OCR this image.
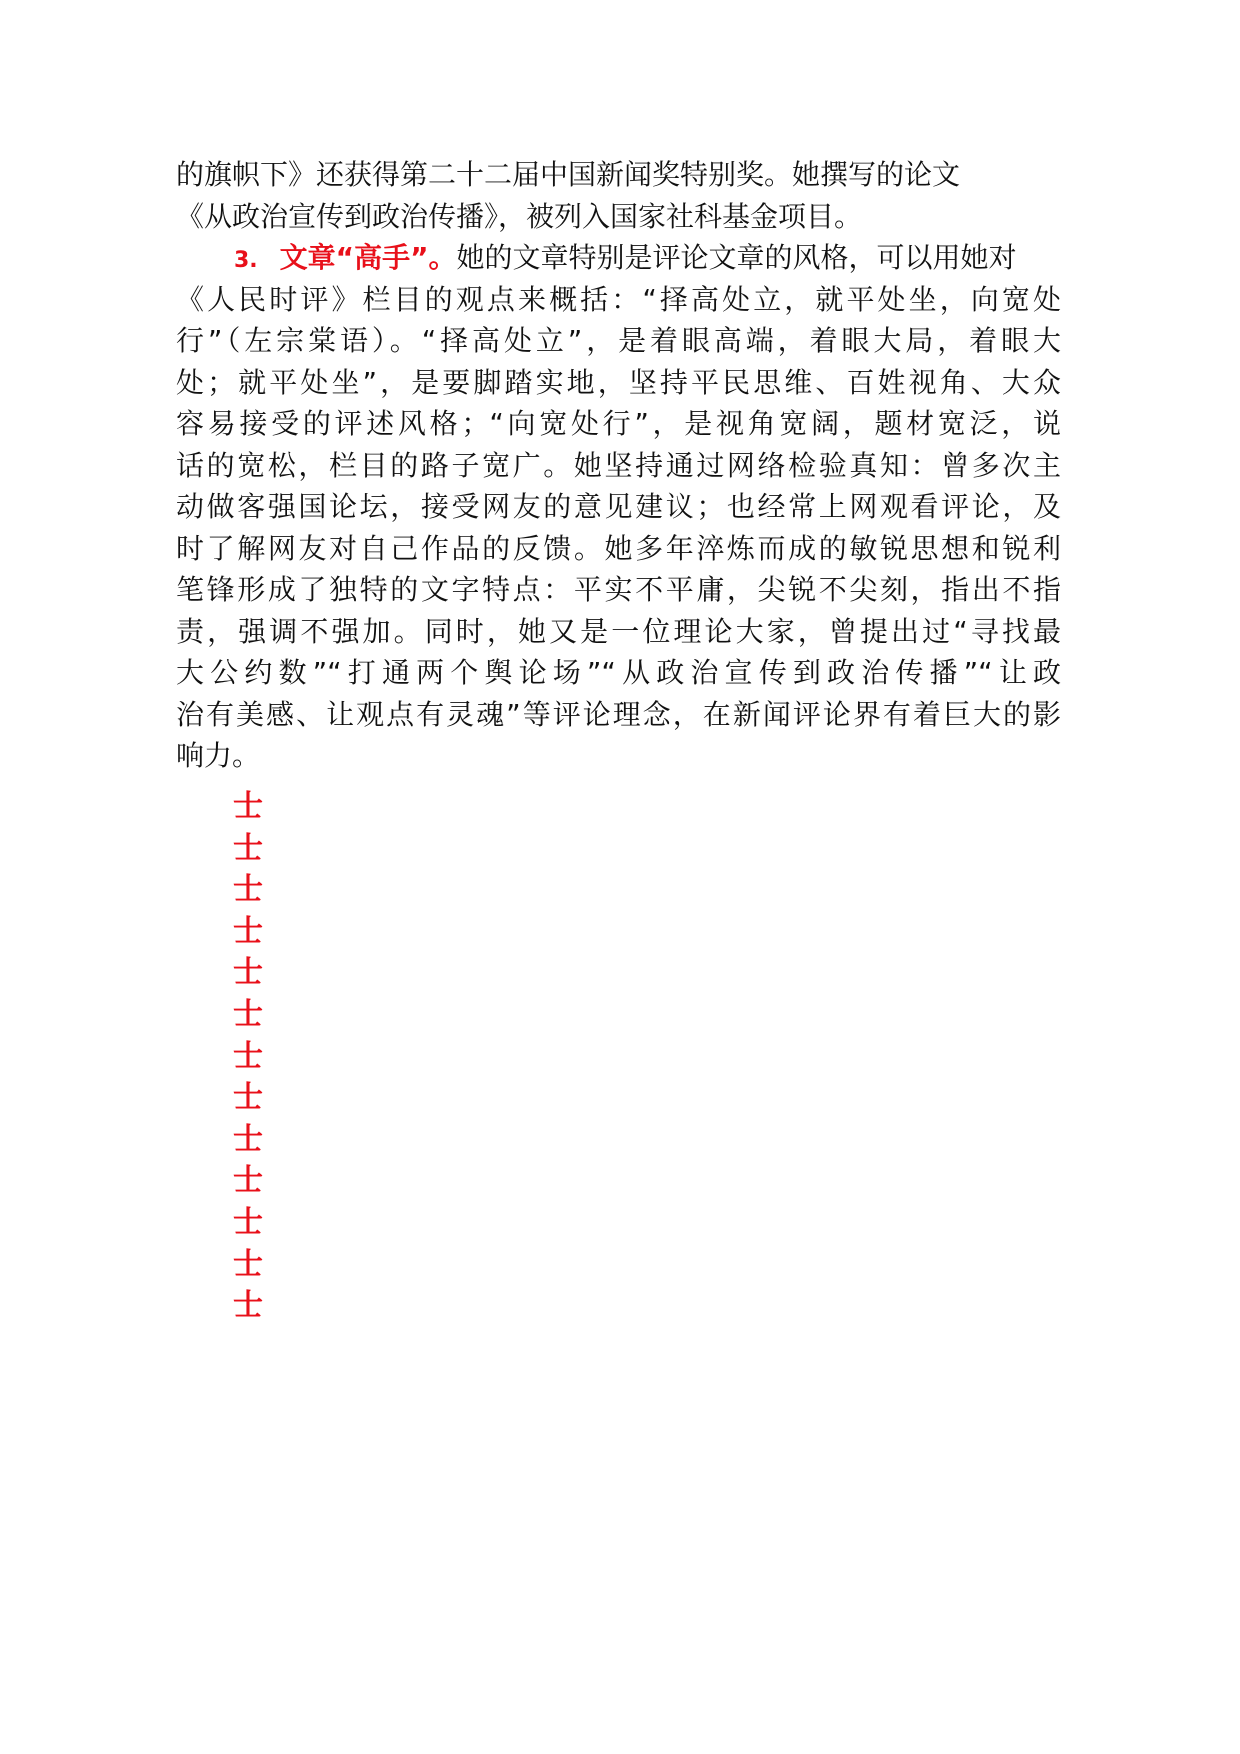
的旗帜下》还获得第二十二届中国新闻奖特别奖。她撰写的论文
《从政治宣传到政治传播》，被列入国家社科基金项目。
3. 文章“高手”。她的文章特别是评论文章的风格，可以用她对
《人民时评》栏目的观点来概括：“择高处立，就平处坐，向宽处
行”（左宗棠语）。“择高处立”，是着眼高端，着眼大局，着眼大
处；就平处坐”，是要脚踏实地，坚持平民思维、百姓视角、大众
容易接受的评述风格；“向宽处行”，是视角宽阔，题材宽泛，说
话的宽松，栏目的路子宽广。她坚持通过网络检验真知：曾多次主
动做客强国论坛，接受网友的意见建议；也经常上网观看评论，及
时了解网友对自己作品的反馈。她多年淬炼而成的敏锐思想和锐利
笔锋形成了独特的文字特点：平实不平庸，尖锐不尖刻，指出不指
责，强调不强加。同时，她又是一位理论大家，曾提出过“寻找最
大公约数”“打通两个舆论场”“从政治宣传到政治传播”“让政
治有美感、让观点有灵魂”等评论理念，在新闻评论界有着巨大的影
响力。
士
士
士
士
士
士
士
士
士
士
士
士
士
